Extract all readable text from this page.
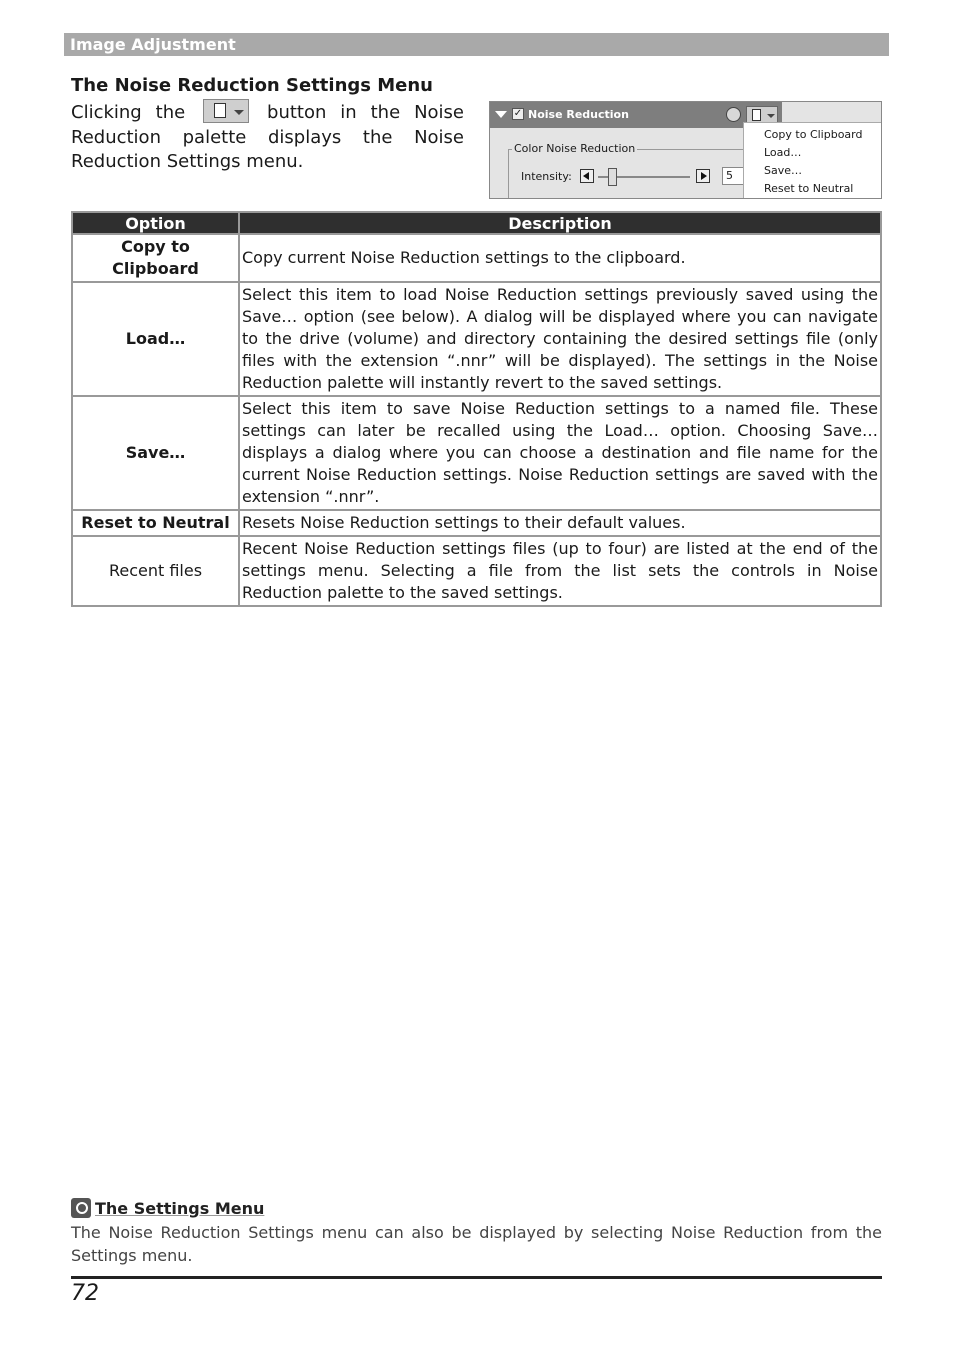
Image Adjustment
The Noise Reduction Settings Menu
Clicking the	button in the Noise Reduction palette displays the Noise Reduction Settings menu.
✓ Noise Reduction
Color Noise Reduction
Intensity:	5
Copy to Clipboard
Load…
Save…
Reset to Neutral
Option	Description
Copy to Clipboard	Copy current Noise Reduction settings to the clipboard.
Load…	Select this item to load Noise Reduction settings previously saved using the Save… option (see below). A dialog will be displayed where you can navigate to the drive (volume) and directory containing the desired settings file (only files with the extension “.nnr” will be displayed). The settings in the Noise Reduction palette will instantly revert to the saved settings.
Save…	Select this item to save Noise Reduction settings to a named file. These settings can later be recalled using the Load… option. Choosing Save… displays a dialog where you can choose a destination and file name for the current Noise Reduction settings. Noise Reduction settings are saved with the extension “.nnr”.
Reset to Neutral	Resets Noise Reduction settings to their default values.
Recent files	Recent Noise Reduction settings files (up to four) are listed at the end of the settings menu. Selecting a file from the list sets the controls in Noise Reduction palette to the saved settings.
The Settings Menu
The Noise Reduction Settings menu can also be displayed by selecting Noise Reduction from the Settings menu.
72
